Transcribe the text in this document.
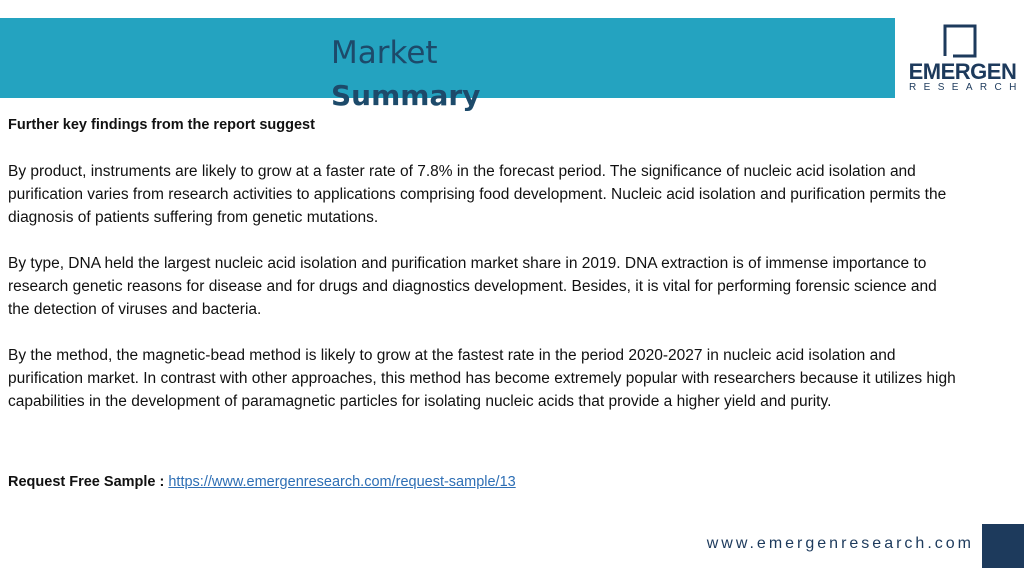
Market
Summary
EMERGEN
RESEARCH

Further key findings from the report suggest

By product, instruments are likely to grow at a faster rate of 7.8% in the forecast period. The significance of nucleic acid isolation and purification varies from research activities to applications comprising food development. Nucleic acid isolation and purification permits the diagnosis of patients suffering from genetic mutations.

By type, DNA held the largest nucleic acid isolation and purification market share in 2019. DNA extraction is of immense importance to research genetic reasons for disease and for drugs and diagnostics development. Besides, it is vital for performing forensic science and the detection of viruses and bacteria.

By the method, the magnetic-bead method is likely to grow at the fastest rate in the period 2020-2027 in nucleic acid isolation and purification market. In contrast with other approaches, this method has become extremely popular with researchers because it utilizes high capabilities in the development of paramagnetic particles for isolating nucleic acids that provide a higher yield and purity.

Request Free Sample : https://www.emergenresearch.com/request-sample/13
www.emergenresearch.com
